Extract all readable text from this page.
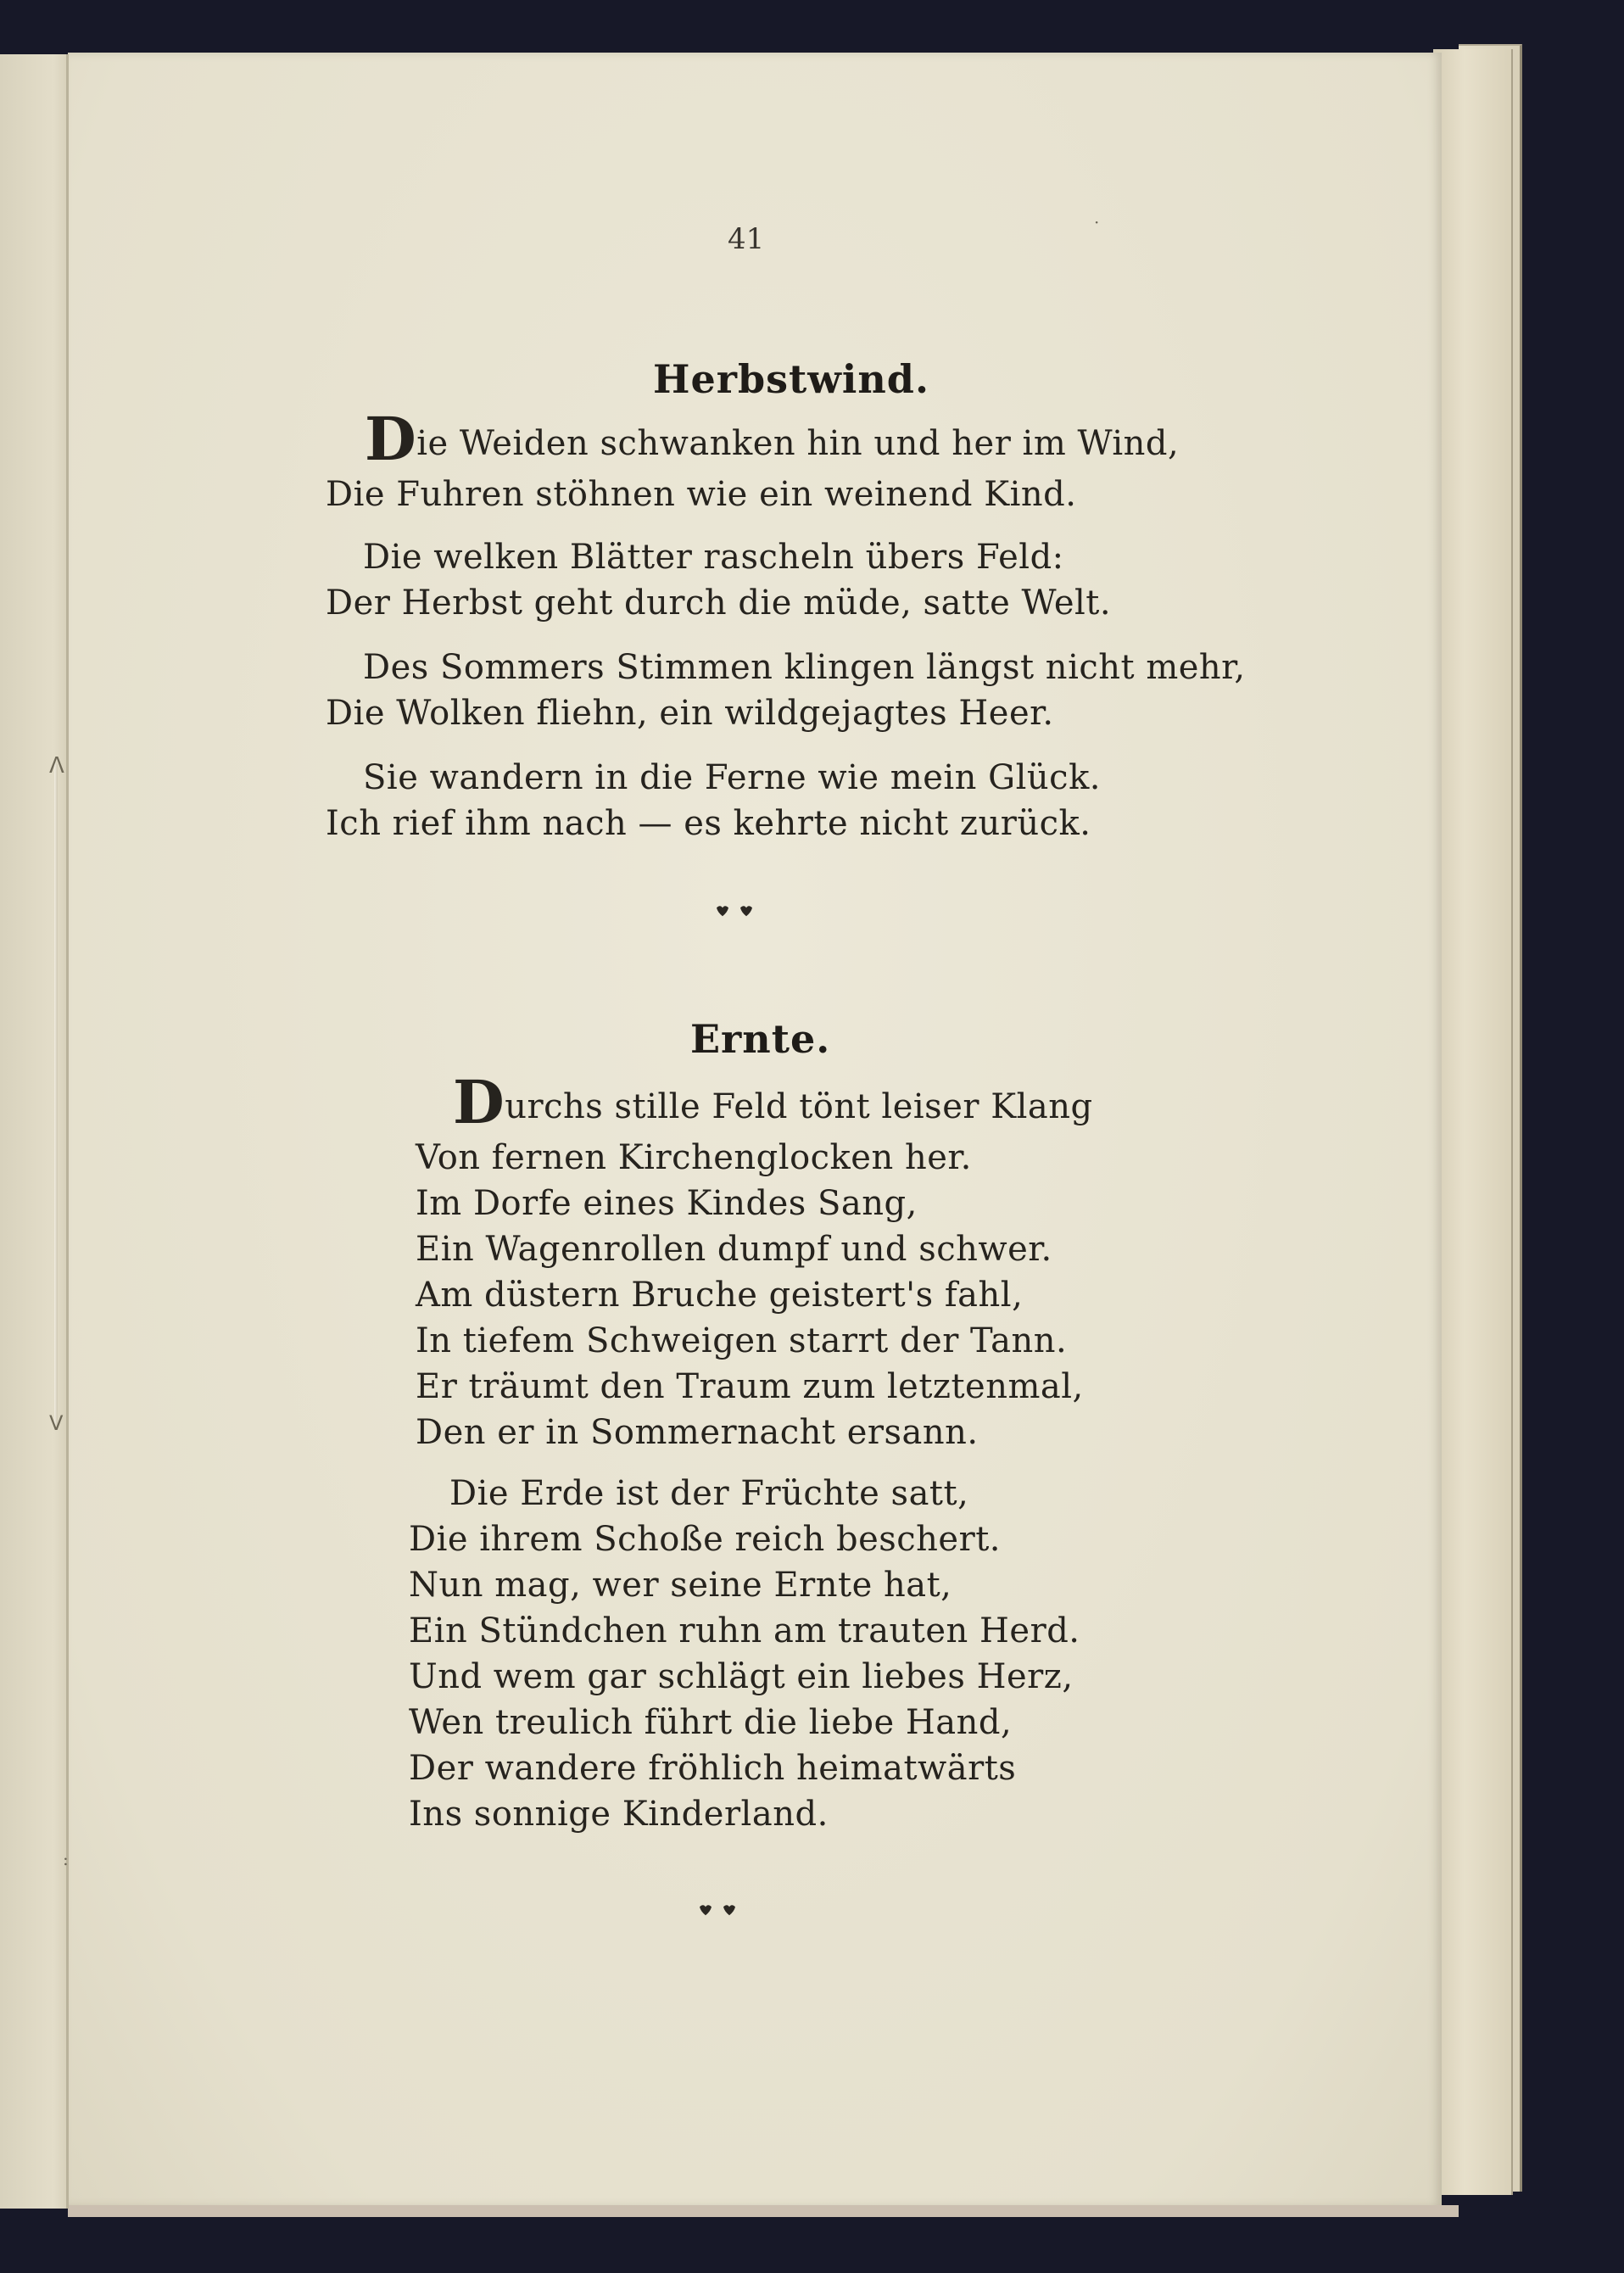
ᐱ
ᐯ
:
·
41
Herbstwind.
Die Weiden schwanken hin und her im Wind,
Die Fuhren stöhnen wie ein weinend Kind.
Die welken Blätter rascheln übers Feld:
Der Herbst geht durch die müde, satte Welt.
Des Sommers Stimmen klingen längst nicht mehr,
Die Wolken fliehn, ein wildgejagtes Heer.
Sie wandern in die Ferne wie mein Glück.
Ich rief ihm nach — es kehrte nicht zurück.
Ernte.
Durchs stille Feld tönt leiser Klang
Von fernen Kirchenglocken her.
Im Dorfe eines Kindes Sang,
Ein Wagenrollen dumpf und schwer.
Am düstern Bruche geistert's fahl,
In tiefem Schweigen starrt der Tann.
Er träumt den Traum zum letztenmal,
Den er in Sommernacht ersann.
Die Erde ist der Früchte satt,
Die ihrem Schoße reich beschert.
Nun mag, wer seine Ernte hat,
Ein Stündchen ruhn am trauten Herd.
Und wem gar schlägt ein liebes Herz,
Wen treulich führt die liebe Hand,
Der wandere fröhlich heimatwärts
Ins sonnige Kinderland.
